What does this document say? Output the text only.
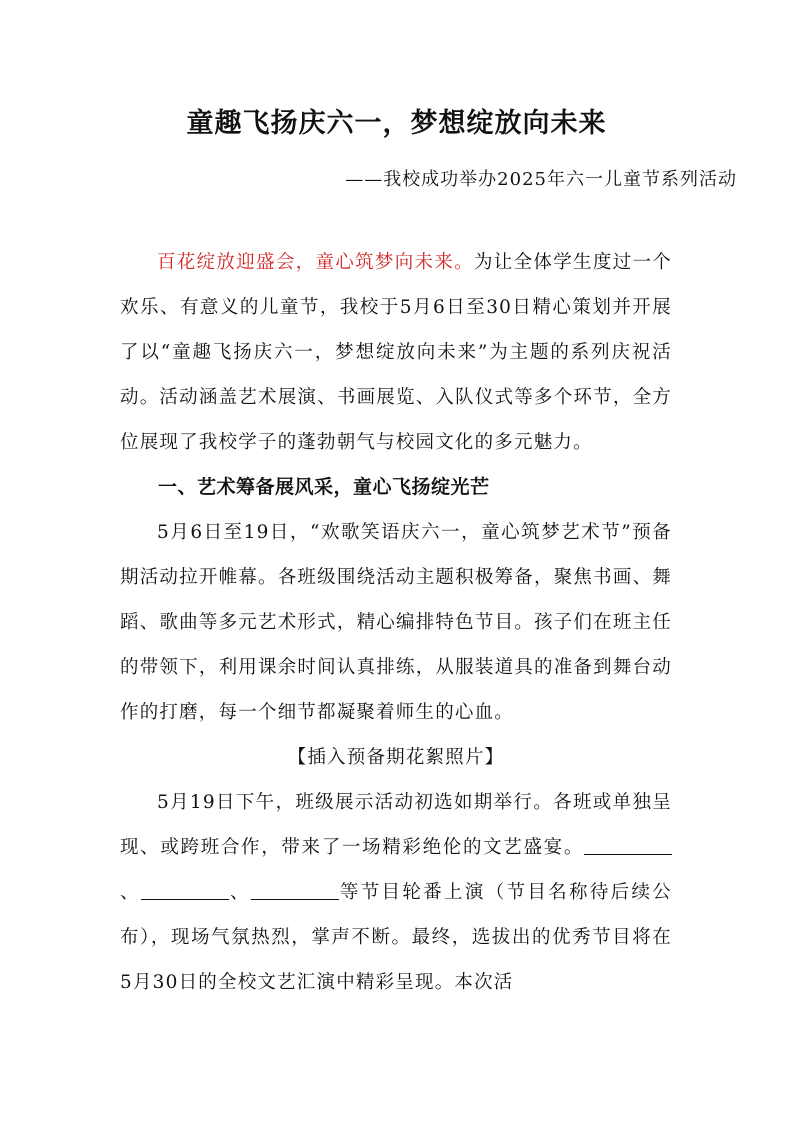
童趣飞扬庆六一，梦想绽放向未来
——我校成功举办2025年六一儿童节系列活动

百花绽放迎盛会，童心筑梦向未来。为让全体学生度过一个欢乐、有意义的儿童节，我校于5月6日至30日精心策划并开展了以“童趣飞扬庆六一，梦想绽放向未来”为主题的系列庆祝活动。活动涵盖艺术展演、书画展览、入队仪式等多个环节，全方位展现了我校学子的蓬勃朝气与校园文化的多元魅力。

一、艺术筹备展风采，童心飞扬绽光芒

5月6日至19日，“欢歌笑语庆六一，童心筑梦艺术节”预备期活动拉开帷幕。各班级围绕活动主题积极筹备，聚焦书画、舞蹈、歌曲等多元艺术形式，精心编排特色节目。孩子们在班主任的带领下，利用课余时间认真排练，从服装道具的准备到舞台动作的打磨，每一个细节都凝聚着师生的心血。

【插入预备期花絮照片】

5月19日下午，班级展示活动初选如期举行。各班或单独呈现、或跨班合作，带来了一场精彩绝伦的文艺盛宴。、	、	等节目轮番上演（节目名称待后续公布），现场气氛热烈，掌声不断。最终，选拔出的优秀节目将在5月30日的全校文艺汇演中精彩呈现。本次活
